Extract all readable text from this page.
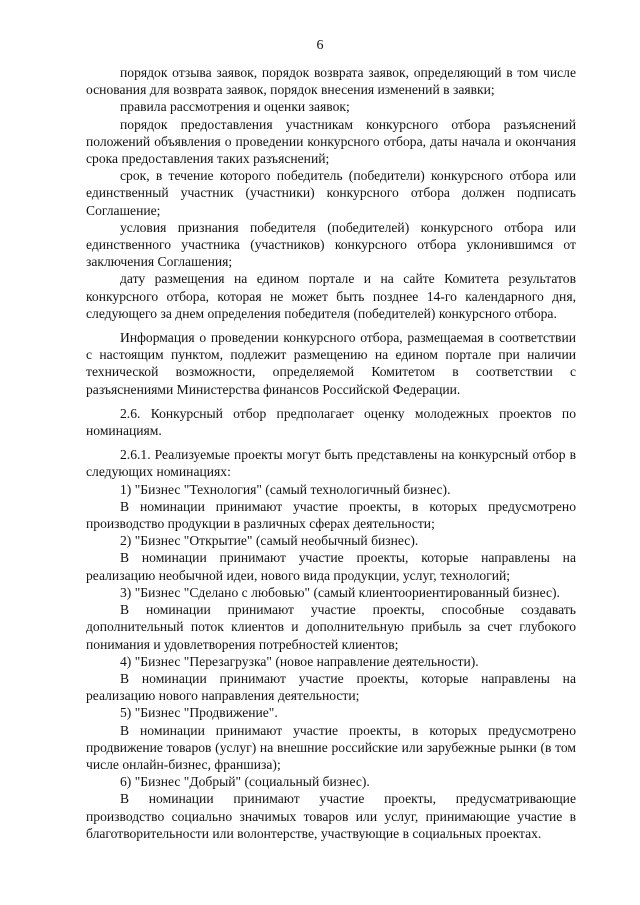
6

порядок отзыва заявок, порядок возврата заявок, определяющий в том числе основания для возврата заявок, порядок внесения изменений в заявки;

правила рассмотрения и оценки заявок;

порядок предоставления участникам конкурсного отбора разъяснений положений объявления о проведении конкурсного отбора, даты начала и окончания срока предоставления таких разъяснений;

срок, в течение которого победитель (победители) конкурсного отбора или единственный участник (участники) конкурсного отбора должен подписать Соглашение;

условия признания победителя (победителей) конкурсного отбора или единственного участника (участников) конкурсного отбора уклонившимся от заключения Соглашения;

дату размещения на едином портале и на сайте Комитета результатов конкурсного отбора, которая не может быть позднее 14-го календарного дня, следующего за днем определения победителя (победителей) конкурсного отбора.

Информация о проведении конкурсного отбора, размещаемая в соответствии с настоящим пунктом, подлежит размещению на едином портале при наличии технической возможности, определяемой Комитетом в соответствии с разъяснениями Министерства финансов Российской Федерации.

2.6. Конкурсный отбор предполагает оценку молодежных проектов по номинациям.

2.6.1. Реализуемые проекты могут быть представлены на конкурсный отбор в следующих номинациях:

1) "Бизнес "Технология" (самый технологичный бизнес).

В номинации принимают участие проекты, в которых предусмотрено производство продукции в различных сферах деятельности;

2) "Бизнес "Открытие" (самый необычный бизнес).

В номинации принимают участие проекты, которые направлены на реализацию необычной идеи, нового вида продукции, услуг, технологий;

3) "Бизнес "Сделано с любовью" (самый клиентоориентированный бизнес).

В номинации принимают участие проекты, способные создавать дополнительный поток клиентов и дополнительную прибыль за счет глубокого понимания и удовлетворения потребностей клиентов;

4) "Бизнес "Перезагрузка" (новое направление деятельности).

В номинации принимают участие проекты, которые направлены на реализацию нового направления деятельности;

5) "Бизнес "Продвижение".

В номинации принимают участие проекты, в которых предусмотрено продвижение товаров (услуг) на внешние российские или зарубежные рынки (в том числе онлайн-бизнес, франшиза);

6) "Бизнес "Добрый" (социальный бизнес).

В номинации принимают участие проекты, предусматривающие производство социально значимых товаров или услуг, принимающие участие в благотворительности или волонтерстве, участвующие в социальных проектах.
